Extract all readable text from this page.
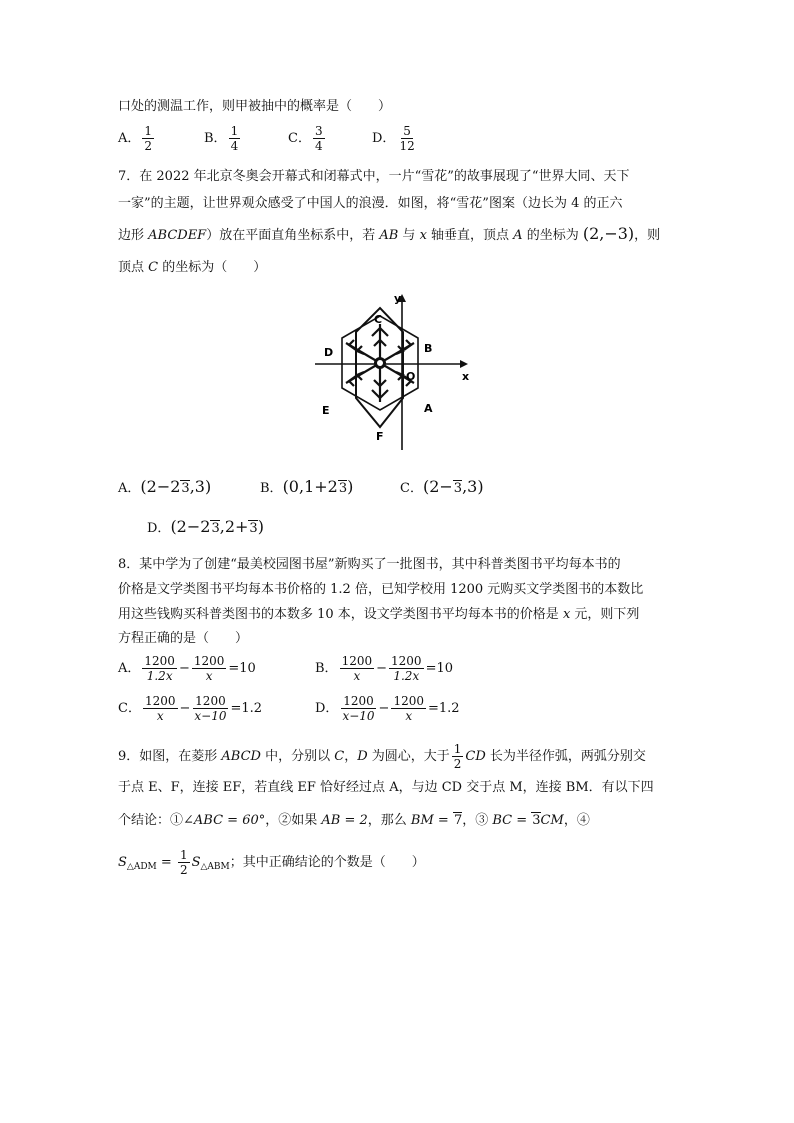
口处的测温工作，则甲被抽中的概率是（　　）
A． $\frac{1}{2}$	B． $\frac{1}{4}$	C． $\frac{3}{4}$	D． $\frac{5}{12}$
7．在 2022 年北京冬奥会开幕式和闭幕式中，一片“雪花”的故事展现了“世界大同、天下
一家”的主题，让世界观众感受了中国人的浪漫．如图，将“雪花”图案（边长为 4 的正六
边形 ABCDEF）放在平面直角坐标系中，若 AB 与 x 轴垂直，顶点 A 的坐标为 (2,−3)，则
顶点 C 的坐标为（　　）
y
x
C
B
D
O
E	A
F
A．(2−23,3)	B．(0,1+23)	C．(2−3,3)
D．(2−23,2+3)
8．某中学为了创建“最美校园图书屋”新购买了一批图书，其中科普类图书平均每本书的
价格是文学类图书平均每本书价格的 1.2 倍，已知学校用 1200 元购买文学类图书的本数比
用这些钱购买科普类图书的本数多 10 本，设文学类图书平均每本书的价格是 x 元，则下列
方程正确的是（　　）
A． $\frac{1200}{1.2x} - \frac{1200}{x} =10$	B． $\frac{1200}{x} - \frac{1200}{1.2x} =10$
C． $\frac{1200}{x} - \frac{1200}{x-10} =1.2$	D． $\frac{1200}{x-10} - \frac{1200}{x} =1.2$
9．如图，在菱形 ABCD 中，分别以 C，D 为圆心，大于 $\frac{1}{2}$ CD 长为半径作弧，两弧分别交
于点 E、F，连接 EF，若直线 EF 恰好经过点 A，与边 CD 交于点 M，连接 BM．有以下四
个结论：①∠ABC = 60°，②如果 AB = 2，那么 BM = 7，③ BC = 3CM，④
$S_{\triangle ADM} = \frac{1}{2} S_{\triangle ABM}$；其中正确结论的个数是（　　）
